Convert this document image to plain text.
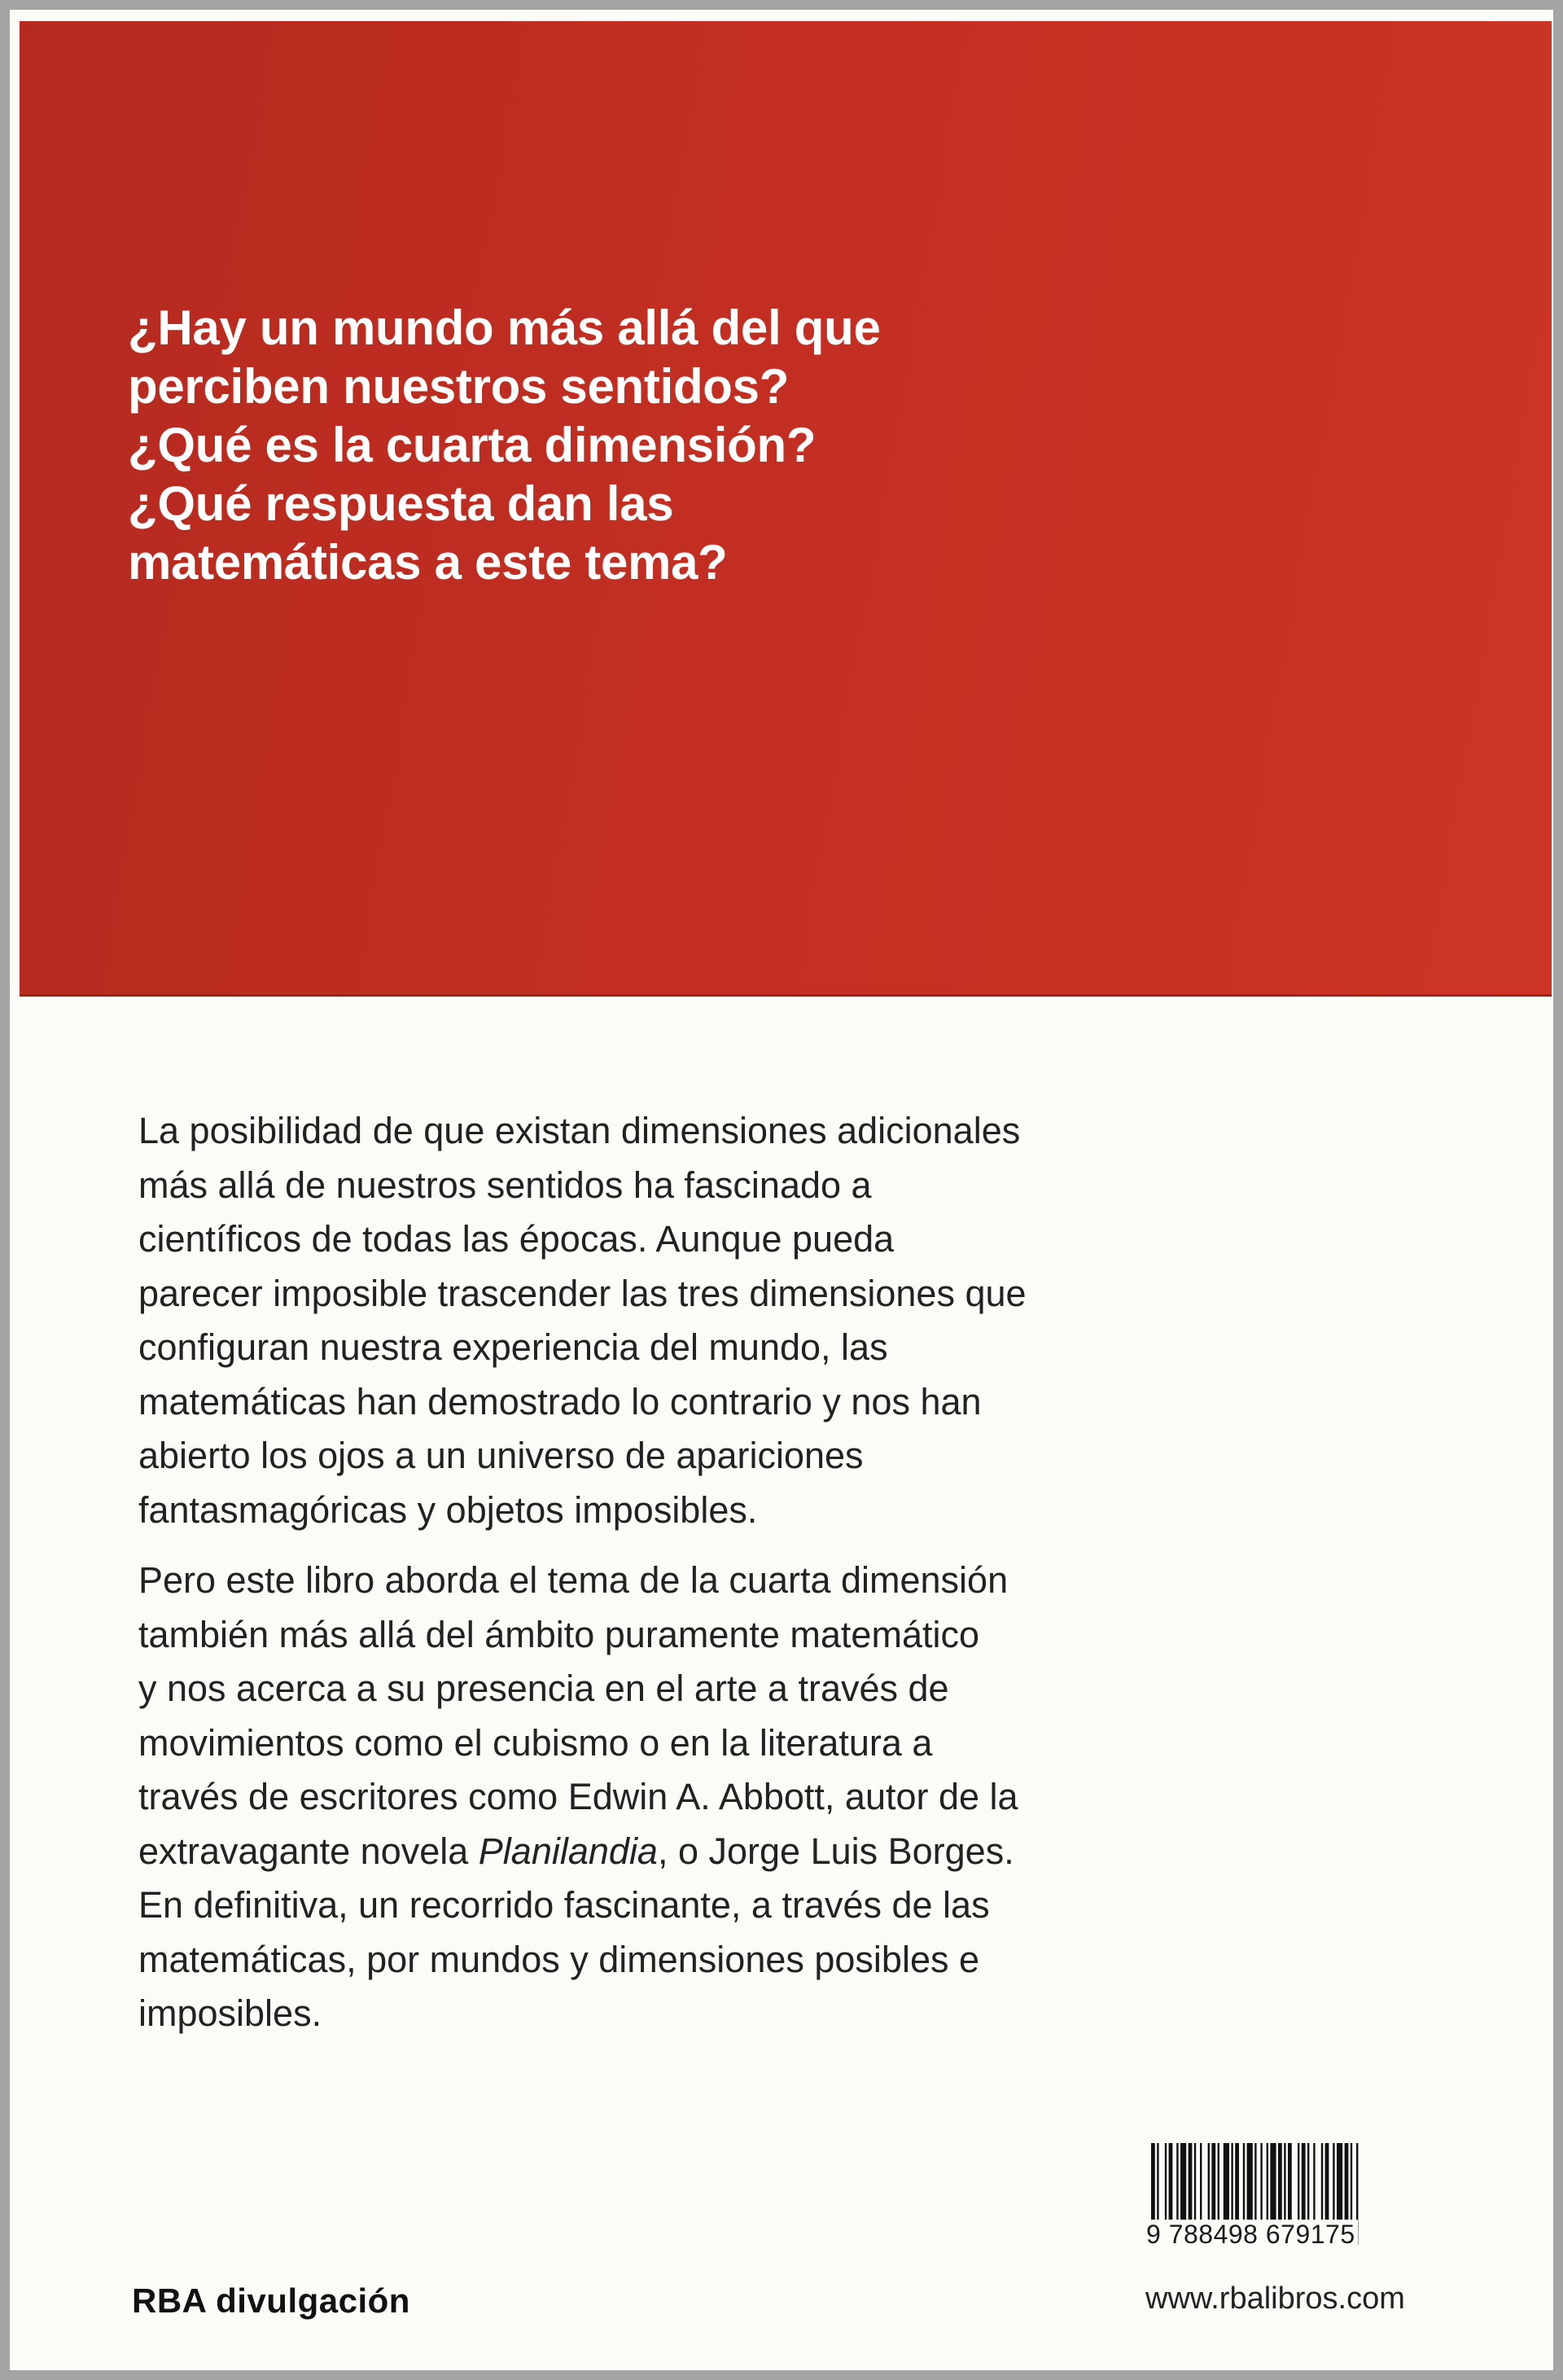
¿Hay un mundo más allá del que
perciben nuestros sentidos?
¿Qué es la cuarta dimensión?
¿Qué respuesta dan las
matemáticas a este tema?

La posibilidad de que existan dimensiones adicionales
más allá de nuestros sentidos ha fascinado a
científicos de todas las épocas. Aunque pueda
parecer imposible trascender las tres dimensiones que
configuran nuestra experiencia del mundo, las
matemáticas han demostrado lo contrario y nos han
abierto los ojos a un universo de apariciones
fantasmagóricas y objetos imposibles.

Pero este libro aborda el tema de la cuarta dimensión
también más allá del ámbito puramente matemático
y nos acerca a su presencia en el arte a través de
movimientos como el cubismo o en la literatura a
través de escritores como Edwin A. Abbott, autor de la
extravagante novela Planilandia, o Jorge Luis Borges.
En definitiva, un recorrido fascinante, a través de las
matemáticas, por mundos y dimensiones posibles e
imposibles.

9 788498 679175
RBA divulgación	www.rbalibros.com
